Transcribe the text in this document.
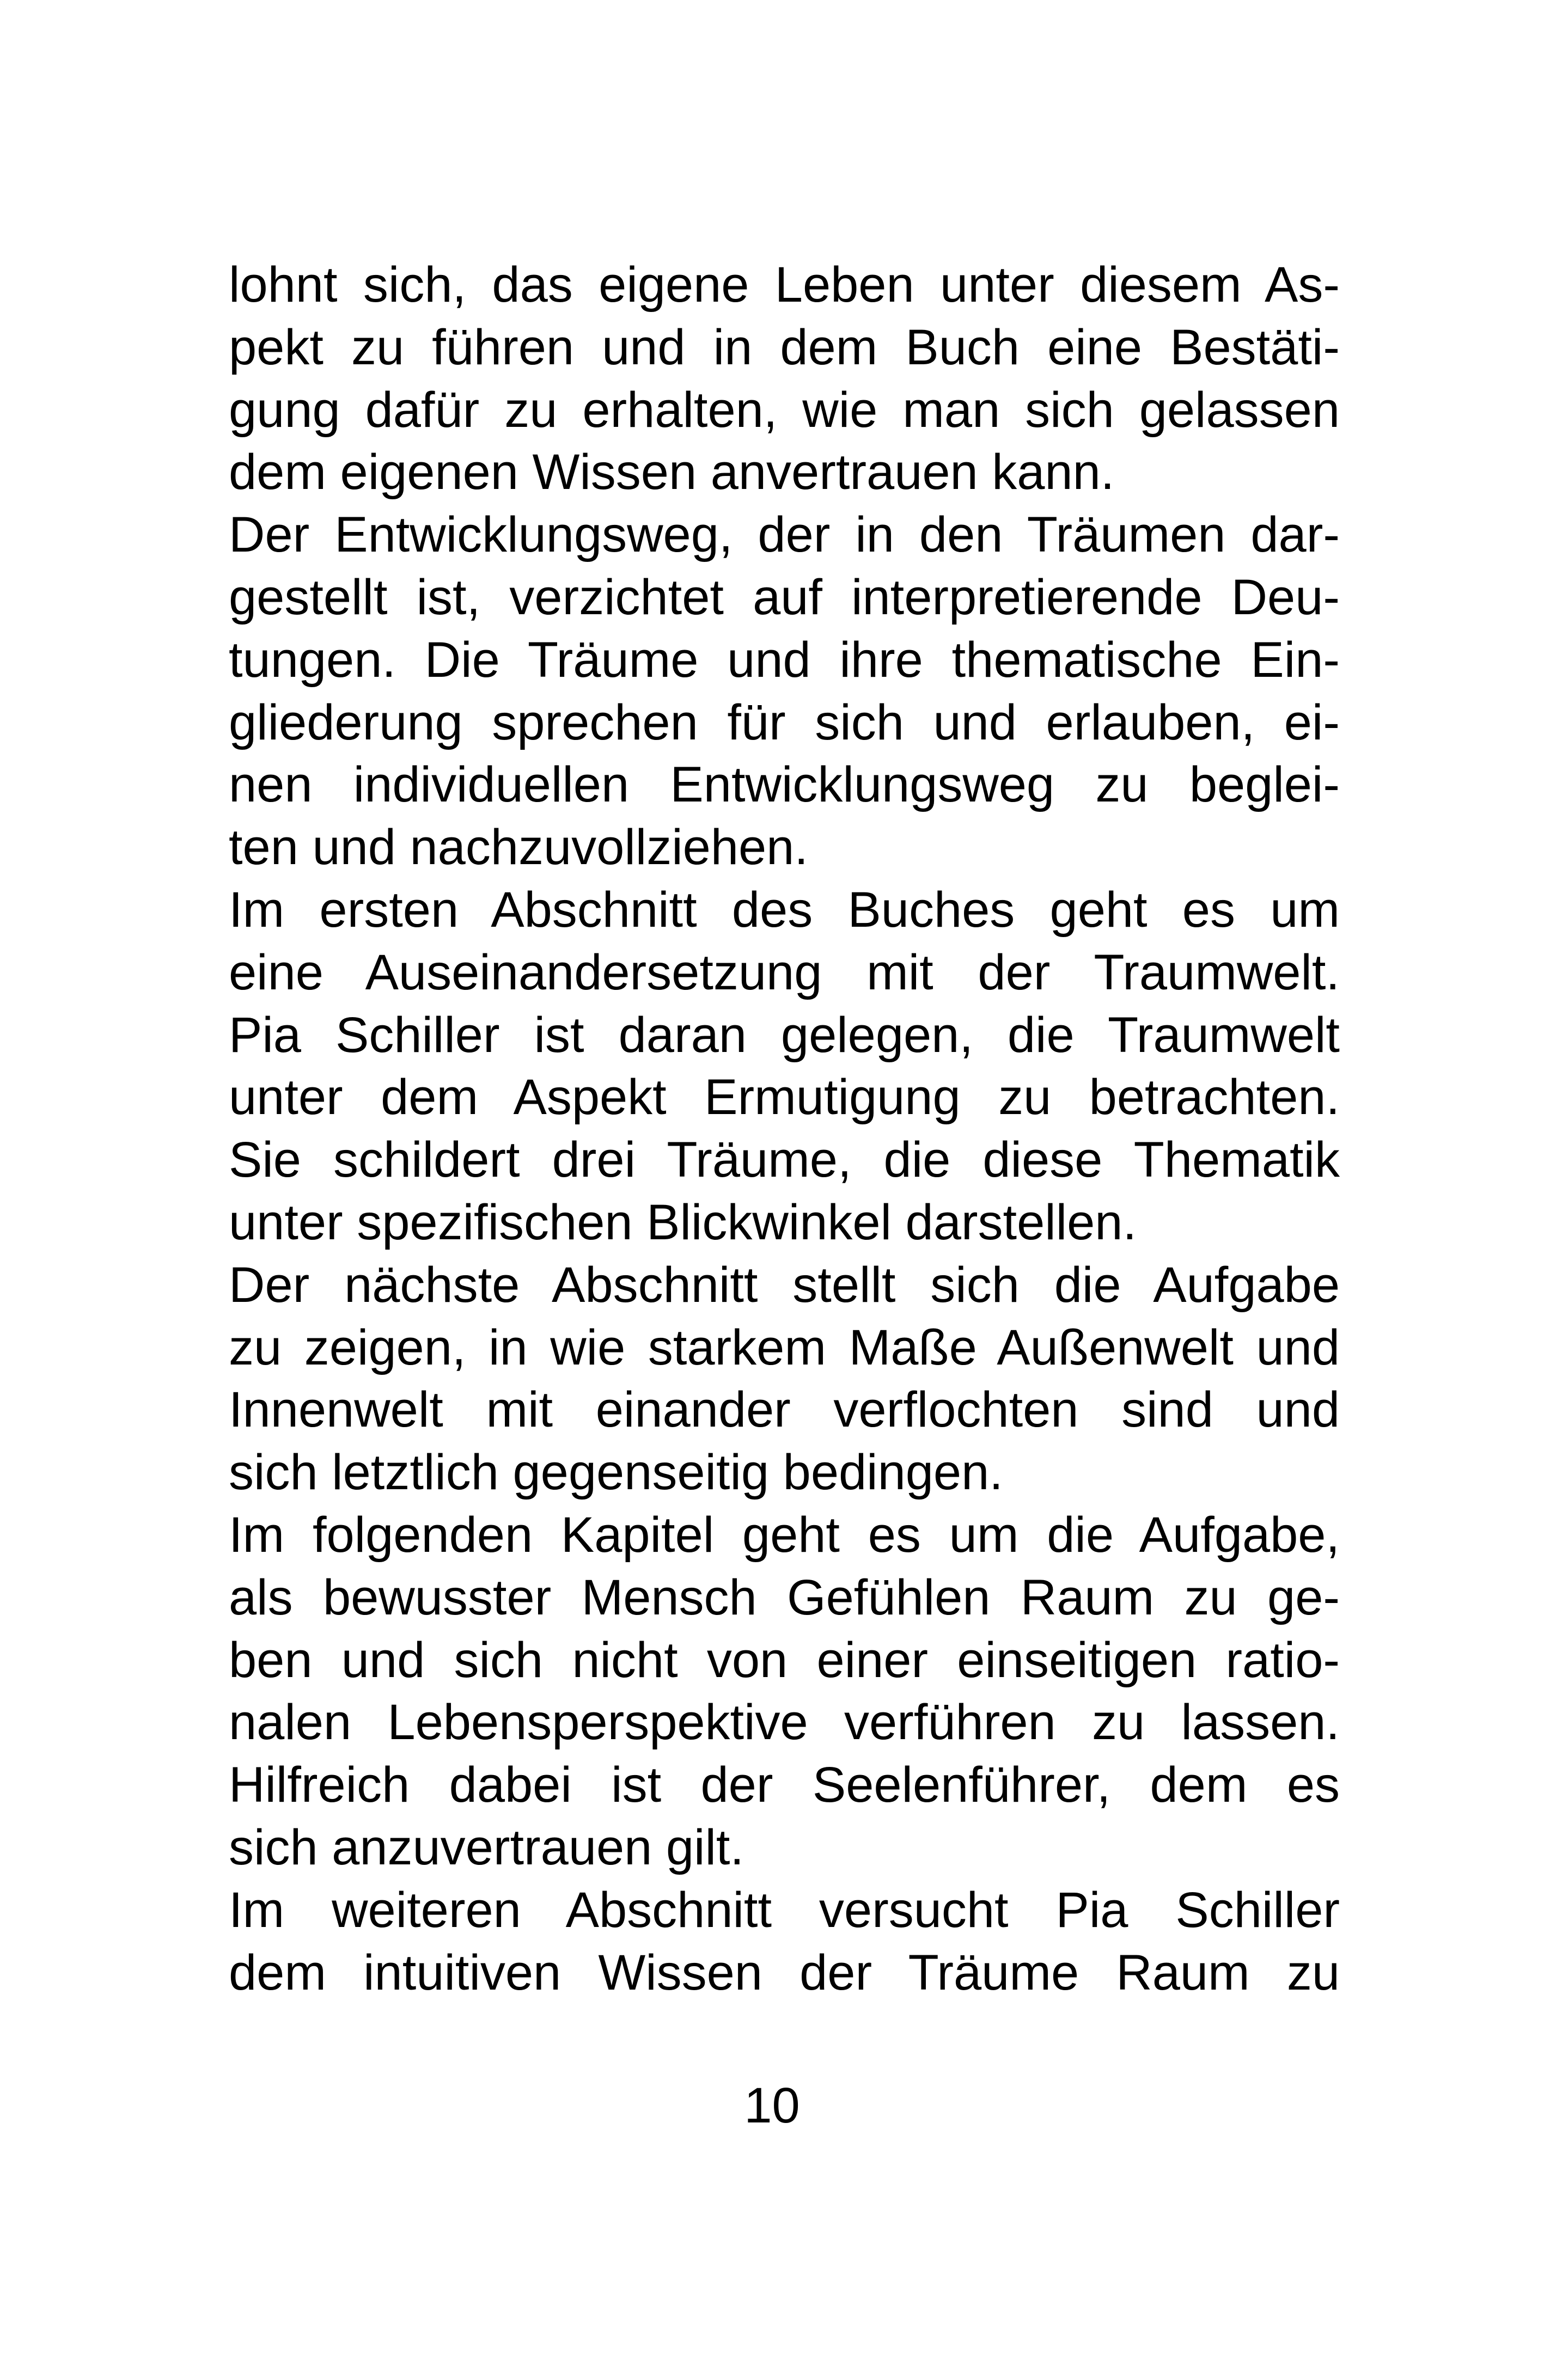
lohnt sich, das eigene Leben unter diesem As-
pekt zu führen und in dem Buch eine Bestäti-
gung dafür zu erhalten, wie man sich gelassen
dem eigenen Wissen anvertrauen kann.

Der Entwicklungsweg, der in den Träumen dar-
gestellt ist, verzichtet auf interpretierende Deu-
tungen. Die Träume und ihre thematische Ein-
gliederung sprechen für sich und erlauben, ei-
nen individuellen Entwicklungsweg zu beglei-
ten und nachzuvollziehen.

Im ersten Abschnitt des Buches geht es um
eine Auseinandersetzung mit der Traumwelt.
Pia Schiller ist daran gelegen, die Traumwelt
unter dem Aspekt Ermutigung zu betrachten.
Sie schildert drei Träume, die diese Thematik
unter spezifischen Blickwinkel darstellen.

Der nächste Abschnitt stellt sich die Aufgabe
zu zeigen, in wie starkem Maße Außenwelt und
Innenwelt mit einander verflochten sind und
sich letztlich gegenseitig bedingen.

Im folgenden Kapitel geht es um die Aufgabe,
als bewusster Mensch Gefühlen Raum zu ge-
ben und sich nicht von einer einseitigen ratio-
nalen Lebensperspektive verführen zu lassen.
Hilfreich dabei ist der Seelenführer, dem es
sich anzuvertrauen gilt.

Im weiteren Abschnitt versucht Pia Schiller
dem intuitiven Wissen der Träume Raum zu

10
